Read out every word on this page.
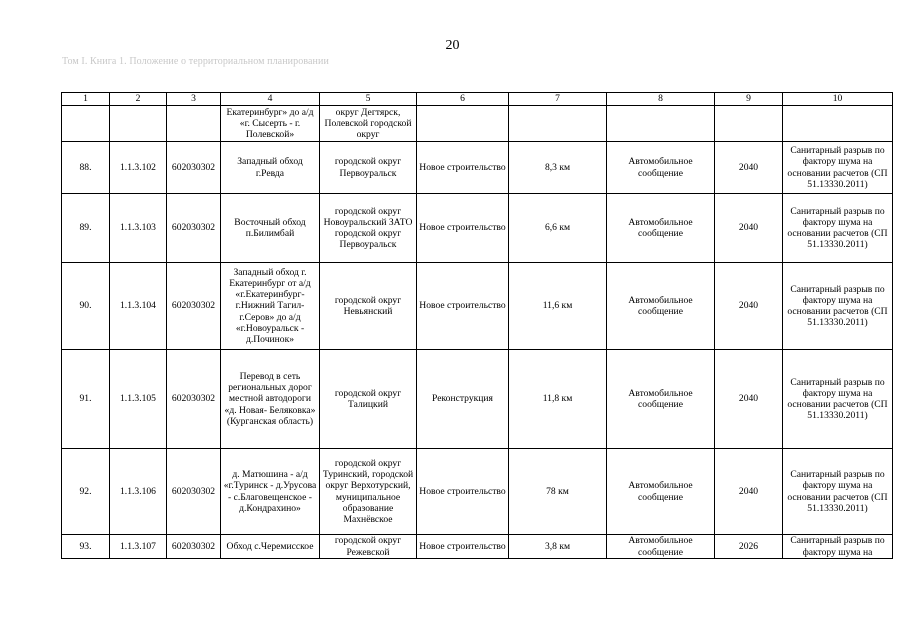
20
Том I. Книга 1. Положение о территориальном планировании
1	2	3	4	5	6	7	8	9	10
			Екатеринбург» до а/д «г. Сысерть - г. Полевской»	округ Дегтярск, Полевской городской округ					
88.	1.1.3.102	602030302	Западный обход г.Ревда	городской округ Первоуральск	Новое строительство	8,3 км	Автомобильное сообщение	2040	Санитарный разрыв по фактору шума на основании расчетов (СП 51.13330.2011)
89.	1.1.3.103	602030302	Восточный обход п.Билимбай	городской округ Новоуральский ЗАТО городской округ Первоуральск	Новое строительство	6,6 км	Автомобильное сообщение	2040	Санитарный разрыв по фактору шума на основании расчетов (СП 51.13330.2011)
90.	1.1.3.104	602030302	Западный обход г. Екатеринбург от а/д «г.Екатеринбург- г.Нижний Тагил- г.Серов» до а/д «г.Новоуральск - д.Починок»	городской округ Невьянский	Новое строительство	11,6 км	Автомобильное сообщение	2040	Санитарный разрыв по фактору шума на основании расчетов (СП 51.13330.2011)
91.	1.1.3.105	602030302	Перевод в сеть региональных дорог местной автодороги «д. Новая- Беляковка» (Курганская область)	городской округ Талицкий	Реконструкция	11,8 км	Автомобильное сообщение	2040	Санитарный разрыв по фактору шума на основании расчетов (СП 51.13330.2011)
92.	1.1.3.106	602030302	д. Матюшина - а/д «г.Туринск - д.Урусова - с.Благовещенское - д.Кондрахино»	городской округ Туринский, городской округ Верхотурский, муниципальное образование Махнёвское	Новое строительство	78 км	Автомобильное сообщение	2040	Санитарный разрыв по фактору шума на основании расчетов (СП 51.13330.2011)
93.	1.1.3.107	602030302	Обход с.Черемисское	городской округ Режевской	Новое строительство	3,8 км	Автомобильное сообщение	2026	Санитарный разрыв по фактору шума на
